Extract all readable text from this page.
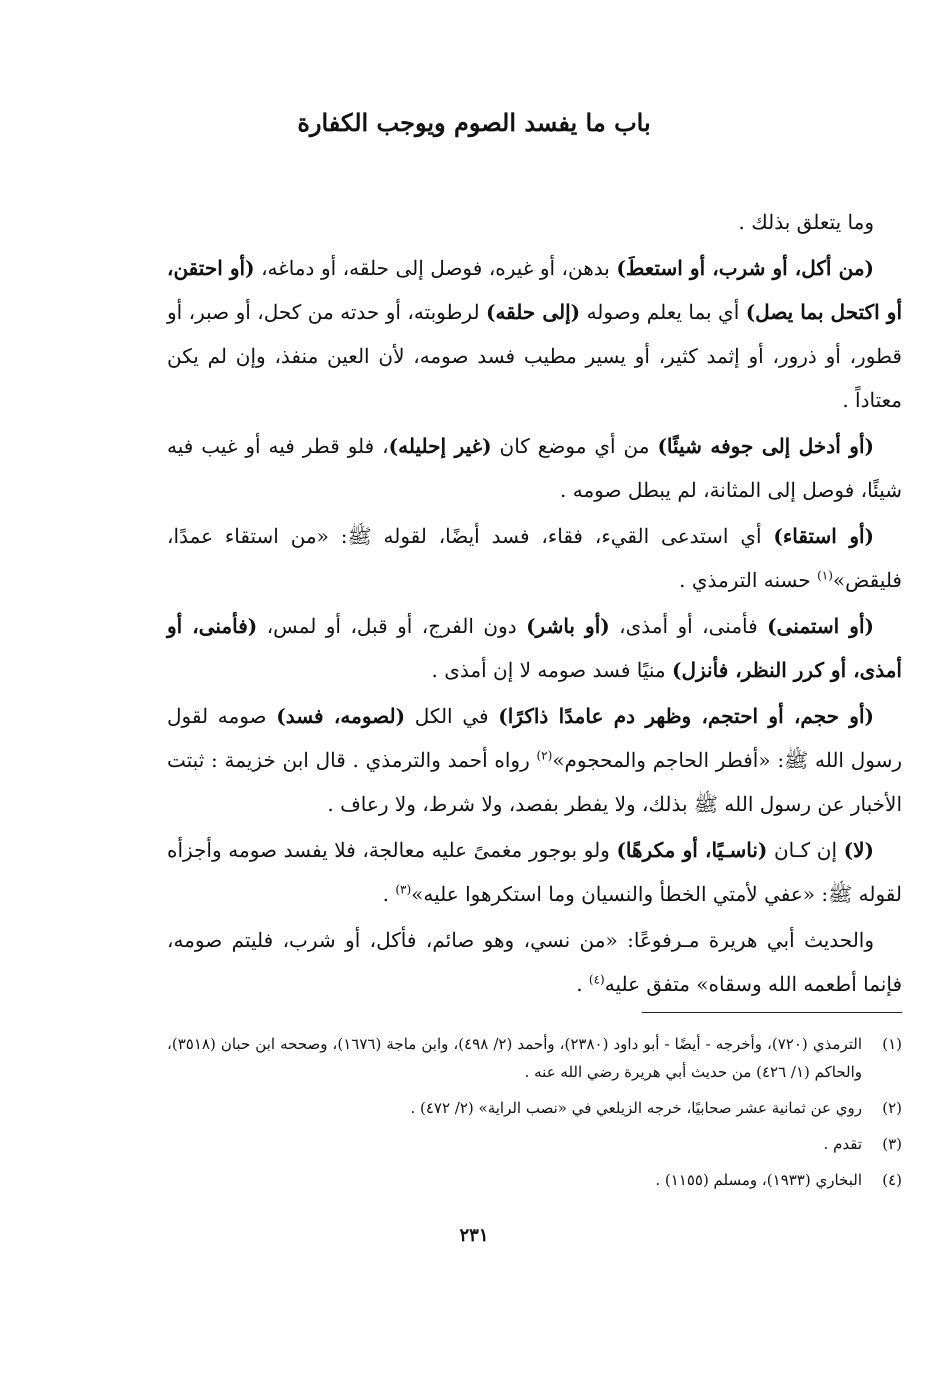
باب ما يفسد الصوم ويوجب الكفارة

وما يتعلق بذلك .

(من أكل، أو شرب، أو استعطَ) بدهن، أو غيره، فوصل إلى حلقه، أو دماغه، (أو احتقن، أو اكتحل بما يصل) أي بما يعلم وصوله (إلى حلقه) لرطوبته، أو حدته من كحل، أو صبر، أو قطور، أو ذرور، أو إثمد كثير، أو يسير مطيب فسد صومه، لأن العين منفذ، وإن لم يكن معتاداً .

(أو أدخل إلى جوفه شيئًا) من أي موضع كان (غير إحليله)، فلو قطر فيه أو غيب فيه شيئًا، فوصل إلى المثانة، لم يبطل صومه .

(أو استقاء) أي استدعى القيء، فقاء، فسد أيضًا، لقوله ﷺ: «من استقاء عمدًا، فليقض»$^{(١)}$ حسنه الترمذي .

(أو استمنى) فأمنى، أو أمذى، (أو باشر) دون الفرج، أو قبل، أو لمس، (فأمنى، أو أمذى، أو كرر النظر، فأنزل) منيًا فسد صومه لا إن أمذى .

(أو حجم، أو احتجم، وظهر دم عامدًا ذاكرًا) في الكل (لصومه، فسد) صومه لقول رسول الله ﷺ: «أفطر الحاجم والمحجوم»$^{(٢)}$ رواه أحمد والترمذي . قال ابن خزيمة : ثبتت الأخبار عن رسول الله ﷺ بذلك، ولا يفطر بفصد، ولا شرط، ولا رعاف .

(لا) إن كـان (ناسـيًا، أو مكرهًا) ولو بوجور مغمىً عليه معالجة، فلا يفسد صومه وأجزأه لقوله ﷺ: «عفي لأمتي الخطأ والنسيان وما استكرهوا عليه»$^{(٣)}$ .

والحديث أبي هريرة مـرفوعًا: «من نسي، وهو صائم، فأكل، أو شرب، فليتم صومه، فإنما أطعمه الله وسقاه» متفق عليه$^{(٤)}$ .

(١)
الترمذي (٧٢٠)، وأخرجه - أيضًا - أبو داود (٢٣٨٠)، وأحمد (٢/ ٤٩٨)، وابن ماجة (١٦٧٦)، وصححه ابن حبان (٣٥١٨)، والحاكم (١/ ٤٢٦) من حديث أبي هريرة رضي الله عنه .
(٢)
روي عن ثمانية عشر صحابيًا، خرجه الزيلعي في «نصب الراية» (٢/ ٤٧٢) .
(٣)
تقدم .
(٤)
البخاري (١٩٣٣)، ومسلم (١١٥٥) .
٢٣١
